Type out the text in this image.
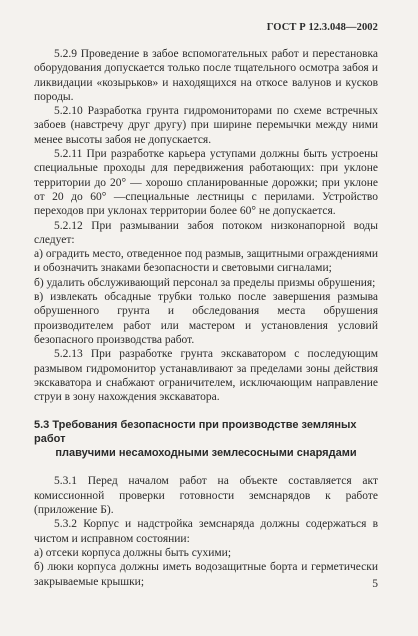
ГОСТ Р 12.3.048—2002

5.2.9 Проведение в забое вспомогательных работ и перестановка оборудования допускается только после тщательного осмотра забоя и ликвидации «козырьков» и находящихся на откосе валунов и кусков породы.

5.2.10 Разработка грунта гидромониторами по схеме встречных забоев (навстречу друг другу) при ширине перемычки между ними менее высоты забоя не допускается.

5.2.11 При разработке карьера уступами должны быть устроены специальные проходы для передвижения работающих: при уклоне территории до 20° — хорошо спланированные дорожки; при уклоне от 20 до 60° —специальные лестницы с перилами. Устройство переходов при уклонах территории более 60° не допускается.

5.2.12 При размывании забоя потоком низконапорной воды следует:

а) оградить место, отведенное под размыв, защитными ограждениями и обозначить знаками безопасности и световыми сигналами;

б) удалить обслуживающий персонал за пределы призмы обрушения;

в) извлекать обсадные трубки только после завершения размыва обрушенного грунта и обследования места обрушения производителем работ или мастером и установления условий безопасного производства работ.

5.2.13 При разработке грунта экскаватором с последующим размывом гидромонитор устанавливают за пределами зоны действия экскаватора и снабжают ограничителем, исключающим направление струи в зону нахождения экскаватора.

5.3 Требования безопасности при производстве земляных работ
плавучими несамоходными землесосными снарядами

5.3.1 Перед началом работ на объекте составляется акт комиссионной проверки готовности земснарядов к работе (приложение Б).

5.3.2 Корпус и надстройка земснаряда должны содержаться в чистом и исправном состоянии:

а) отсеки корпуса должны быть сухими;

б) люки корпуса должны иметь водозащитные борта и герметически закрываемые крышки;	5
